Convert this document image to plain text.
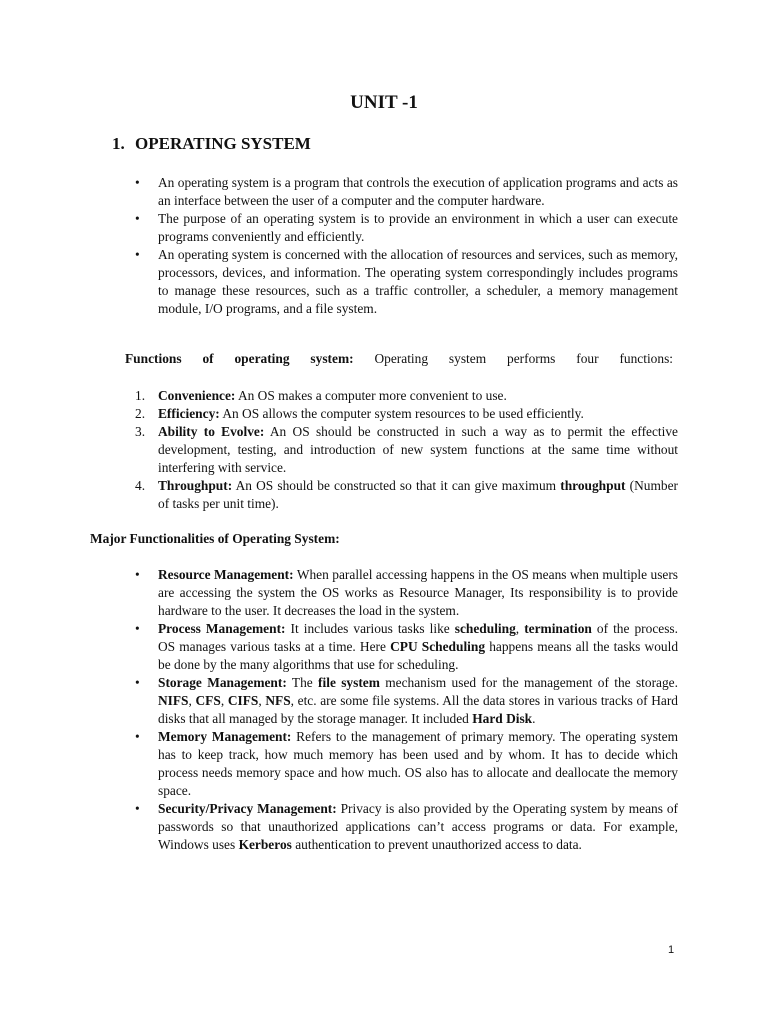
UNIT -1
1. OPERATING SYSTEM
• An operating system is a program that controls the execution of application programs and acts as an interface between the user of a computer and the computer hardware.
• The purpose of an operating system is to provide an environment in which a user can execute programs conveniently and efficiently.
• An operating system is concerned with the allocation of resources and services, such as memory, processors, devices, and information. The operating system correspondingly includes programs to manage these resources, such as a traffic controller, a scheduler, a memory management module, I/O programs, and a file system.
Functions of operating system: Operating system performs four functions:
1. Convenience: An OS makes a computer more convenient to use.
2. Efficiency: An OS allows the computer system resources to be used efficiently.
3. Ability to Evolve: An OS should be constructed in such a way as to permit the effective development, testing, and introduction of new system functions at the same time without interfering with service.
4. Throughput: An OS should be constructed so that it can give maximum throughput (Number of tasks per unit time).
Major Functionalities of Operating System:
• Resource Management: When parallel accessing happens in the OS means when multiple users are accessing the system the OS works as Resource Manager, Its responsibility is to provide hardware to the user. It decreases the load in the system.
• Process Management: It includes various tasks like scheduling, termination of the process. OS manages various tasks at a time. Here CPU Scheduling happens means all the tasks would be done by the many algorithms that use for scheduling.
• Storage Management: The file system mechanism used for the management of the storage. NIFS, CFS, CIFS, NFS, etc. are some file systems. All the data stores in various tracks of Hard disks that all managed by the storage manager. It included Hard Disk.
• Memory Management: Refers to the management of primary memory. The operating system has to keep track, how much memory has been used and by whom. It has to decide which process needs memory space and how much. OS also has to allocate and deallocate the memory space.
• Security/Privacy Management: Privacy is also provided by the Operating system by means of passwords so that unauthorized applications can’t access programs or data. For example, Windows uses Kerberos authentication to prevent unauthorized access to data.
1
